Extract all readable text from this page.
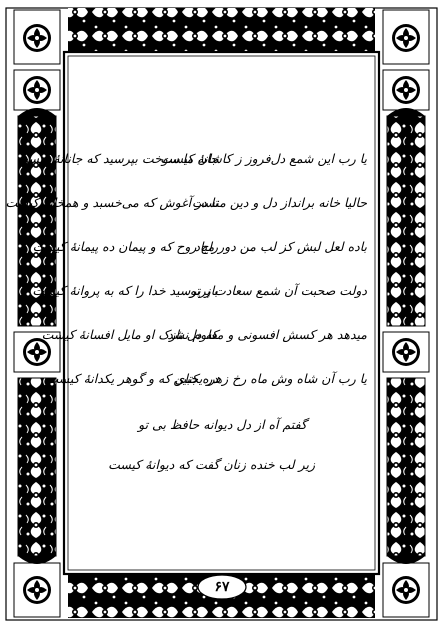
یا رب این شمع دل‌فروز ز کاشانهٔ کیست
جان ما سوخت بپرسید که جانانهٔ کیست
حالیا خانه برانداز دل و دین منست
تا در آغوش که می‌خسبد و همخانهٔ کیست
باده لعل لبش کز لب من دور مباد
راح روح که و پیمان ده پیمانهٔ کیست
دولت صحبت آن شمع سعادت پرتو
باز پرسید خدا را که به پروانهٔ کیست
میدهد هر کسش افسونی و معلوم نشد
که دل نازک او مایل افسانهٔ کیست
یا رب آن شاه وش ماه رخ زهره جبین
در یکتای که و گوهر یکدانهٔ کیست
گفتم آه از دل دیوانه حافظ بی تو
زیر لب خنده زنان گفت که دیوانهٔ کیست
۶۷
